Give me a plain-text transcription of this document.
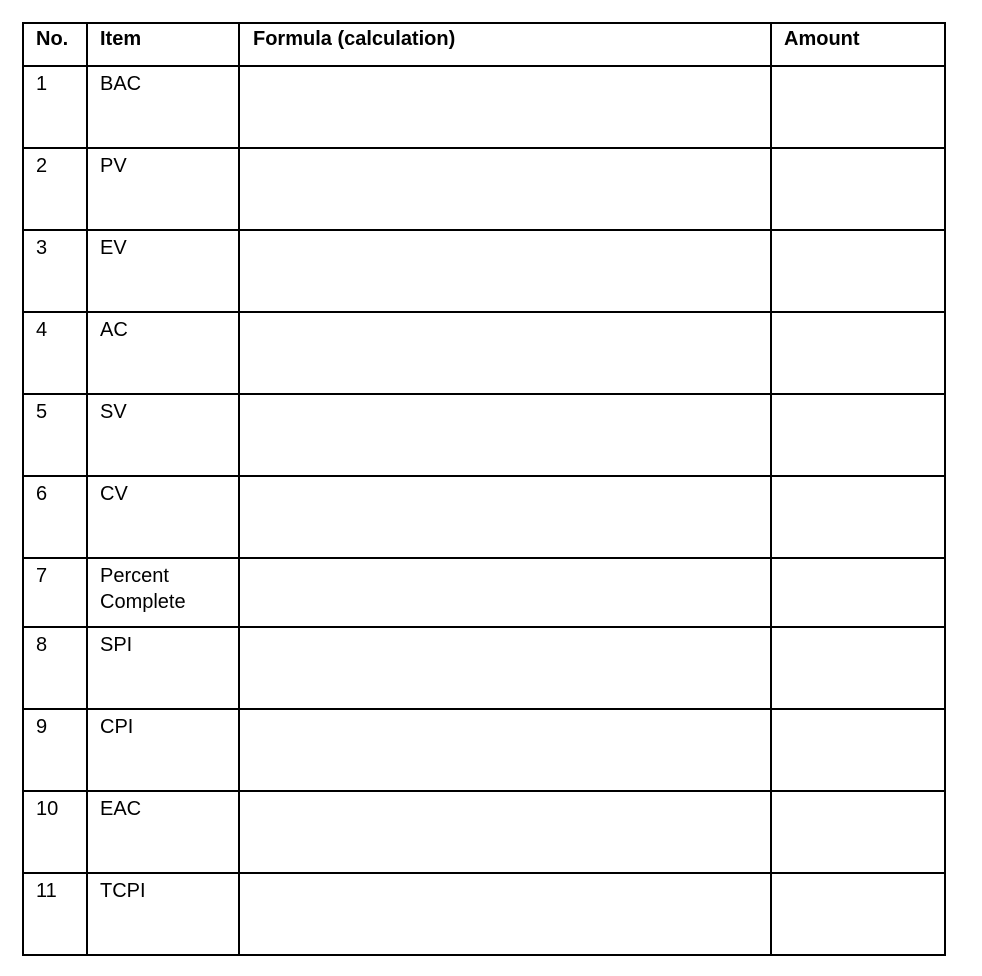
No.	Item	Formula (calculation)	Amount
1	BAC		
2	PV		
3	EV		
4	AC		
5	SV		
6	CV		
7	Percent Complete		
8	SPI		
9	CPI		
10	EAC		
11	TCPI		
